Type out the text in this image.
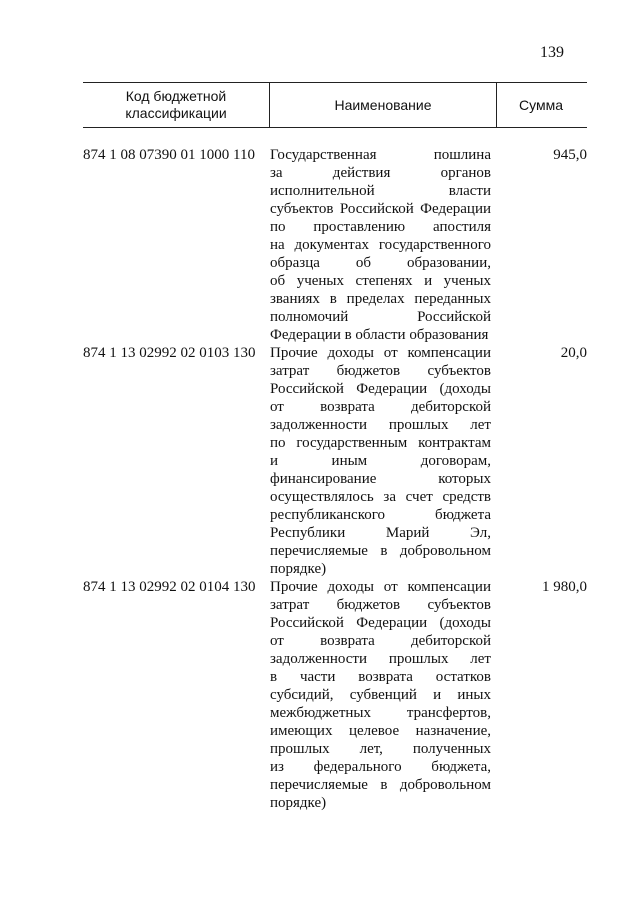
139
Код бюджетной
классификации
Наименование	Сумма
874 1 08 07390 01 1000 110 Государственная пошлина
за действия органов
исполнительной власти
субъектов Российской Федерации
по проставлению апостиля
на документах государственного
образца об образовании,
об ученых степенях и ученых
званиях в пределах переданных
полномочий Российской
Федерации в области образования
945,0
874 1 13 02992 02 0103 130 Прочие доходы от компенсации
затрат бюджетов субъектов
Российской Федерации (доходы
от возврата дебиторской
задолженности прошлых лет
по государственным контрактам
и иным договорам,
финансирование которых
осуществлялось за счет средств
республиканского бюджета
Республики Марий Эл,
перечисляемые в добровольном
порядке)
20,0
874 1 13 02992 02 0104 130 Прочие доходы от компенсации
затрат бюджетов субъектов
Российской Федерации (доходы
от возврата дебиторской
задолженности прошлых лет
в части возврата остатков
субсидий, субвенций и иных
межбюджетных трансфертов,
имеющих целевое назначение,
прошлых лет, полученных
из федерального бюджета,
перечисляемые в добровольном
порядке)
1 980,0
